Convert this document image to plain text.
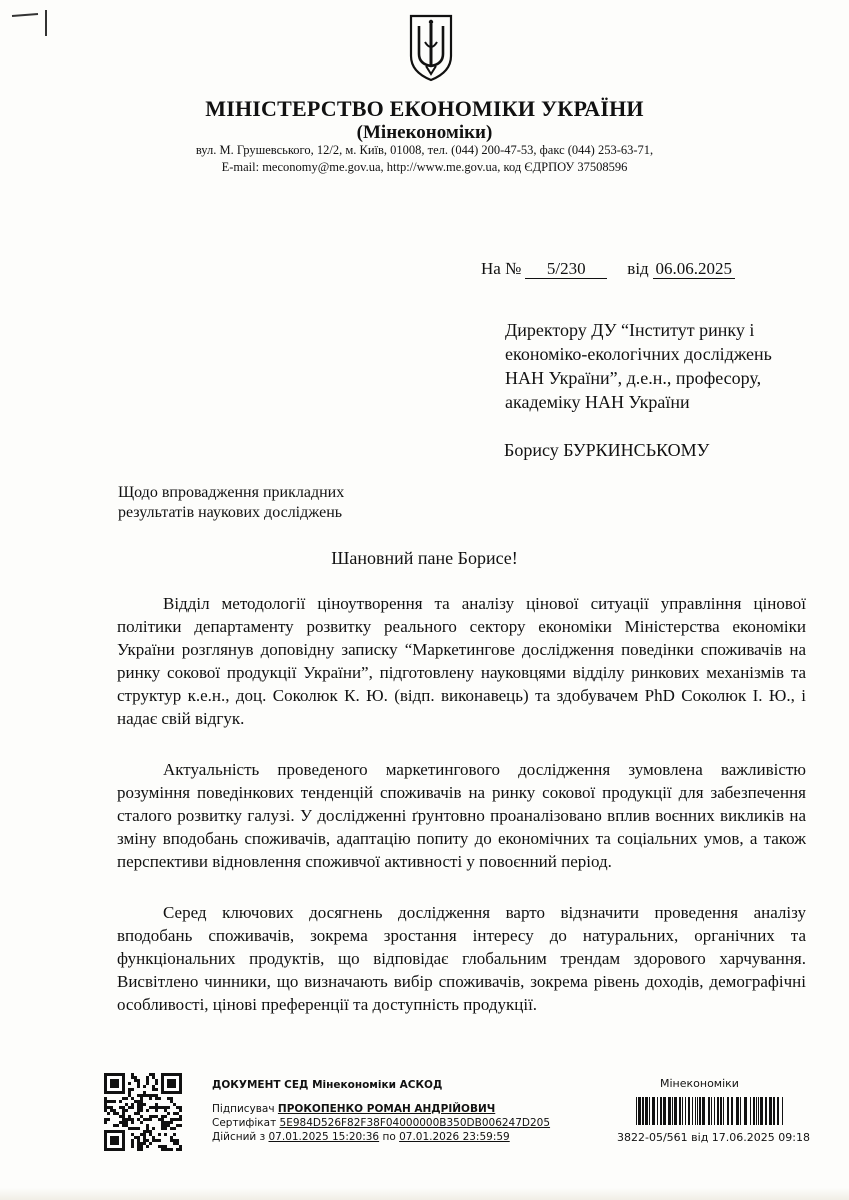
МІНІСТЕРСТВО ЕКОНОМІКИ УКРАЇНИ
(Мінекономіки)
вул. М. Грушевського, 12/2, м. Київ, 01008, тел. (044) 200-47-53, факс (044) 253-63-71,
E-mail: meconomy@me.gov.ua, http://www.me.gov.ua, код ЄДРПОУ 37508596
На № 5/230 від 06.06.2025
Директору ДУ “Інститут ринку і економіко-екологічних досліджень НАН України”, д.е.н., професору, академіку НАН України
Борису БУРКИНСЬКОМУ
Щодо впровадження прикладних результатів наукових досліджень
Шановний пане Борисе!

Відділ методології ціноутворення та аналізу цінової ситуації управління цінової політики департаменту розвитку реального сектору економіки Міністерства економіки України розглянув доповідну записку “Маркетингове дослідження поведінки споживачів на ринку сокової продукції України”, підготовлену науковцями відділу ринкових механізмів та структур к.е.н., доц. Соколюк К. Ю. (відп. виконавець) та здобувачем PhD Соколюк І. Ю., і надає свій відгук.

Актуальність проведеного маркетингового дослідження зумовлена важливістю розуміння поведінкових тенденцій споживачів на ринку сокової продукції для забезпечення сталого розвитку галузі. У дослідженні ґрунтовно проаналізовано вплив воєнних викликів на зміну вподобань споживачів, адаптацію попиту до економічних та соціальних умов, а також перспективи відновлення споживчої активності у повоєнний період.

Серед ключових досягнень дослідження варто відзначити проведення аналізу вподобань споживачів, зокрема зростання інтересу до натуральних, органічних та функціональних продуктів, що відповідає глобальним трендам здорового харчування. Висвітлено чинники, що визначають вибір споживачів, зокрема рівень доходів, демографічні особливості, цінові преференції та доступність продукції.

ДОКУМЕНТ СЕД Мінекономіки АСКОД
Підписувач ПРОКОПЕНКО РОМАН АНДРІЙОВИЧ
Сертифікат 5E984D526F82F38F04000000B350DB006247D205
Дійсний з 07.01.2025 15:20:36 по 07.01.2026 23:59:59
Мінекономіки
3822-05/561 від 17.06.2025 09:18
